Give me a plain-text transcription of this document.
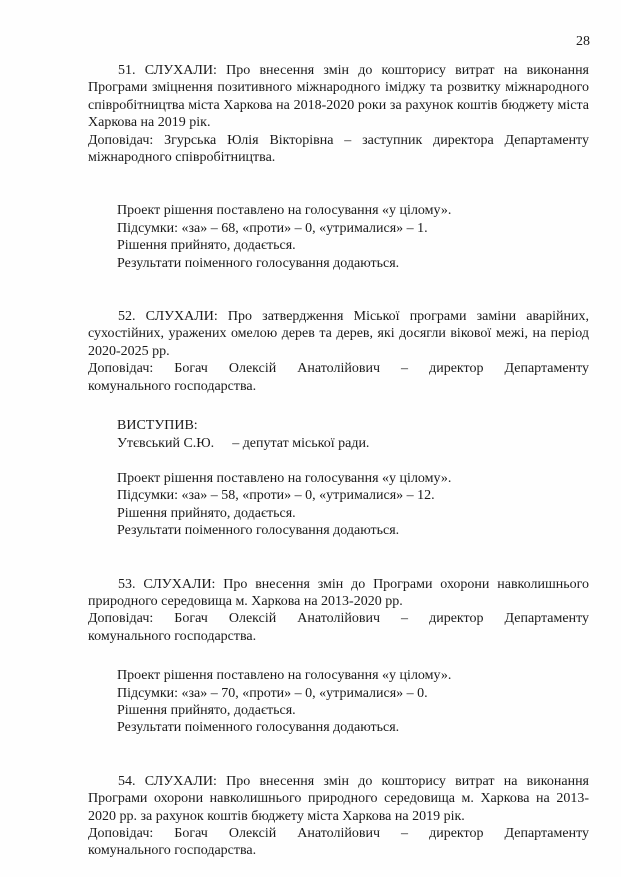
28

51. СЛУХАЛИ: Про внесення змін до кошторису витрат на виконання Програми зміцнення позитивного міжнародного іміджу та розвитку міжнародного співробітництва міста Харкова на 2018-2020 роки за рахунок коштів бюджету міста Харкова на 2019 рік.

Доповідач: Згурська Юлія Вікторівна – заступник директора Департаменту міжнародного співробітництва.

Проект рішення поставлено на голосування «у цілому».

Підсумки: «за» – 68, «проти» – 0, «утрималися» – 1.

Рішення прийнято, додається.

Результати поіменного голосування додаються.

52. СЛУХАЛИ: Про затвердження Міської програми заміни аварійних, сухостійних, уражених омелою дерев та дерев, які досягли вікової межі, на період 2020-2025 рр.

Доповідач: Богач Олексій Анатолійович – директор Департаменту

комунального господарства.

ВИСТУПИВ:

Утєвський С.Ю. – депутат міської ради.

Проект рішення поставлено на голосування «у цілому».

Підсумки: «за» – 58, «проти» – 0, «утрималися» – 12.

Рішення прийнято, додається.

Результати поіменного голосування додаються.

53. СЛУХАЛИ: Про внесення змін до Програми охорони навколишнього природного середовища м. Харкова на 2013-2020 рр.

Доповідач: Богач Олексій Анатолійович – директор Департаменту

комунального господарства.

Проект рішення поставлено на голосування «у цілому».

Підсумки: «за» – 70, «проти» – 0, «утрималися» – 0.

Рішення прийнято, додається.

Результати поіменного голосування додаються.

54. СЛУХАЛИ: Про внесення змін до кошторису витрат на виконання Програми охорони навколишнього природного середовища м. Харкова на 2013-2020 рр. за рахунок коштів бюджету міста Харкова на 2019 рік.

Доповідач: Богач Олексій Анатолійович – директор Департаменту

комунального господарства.
